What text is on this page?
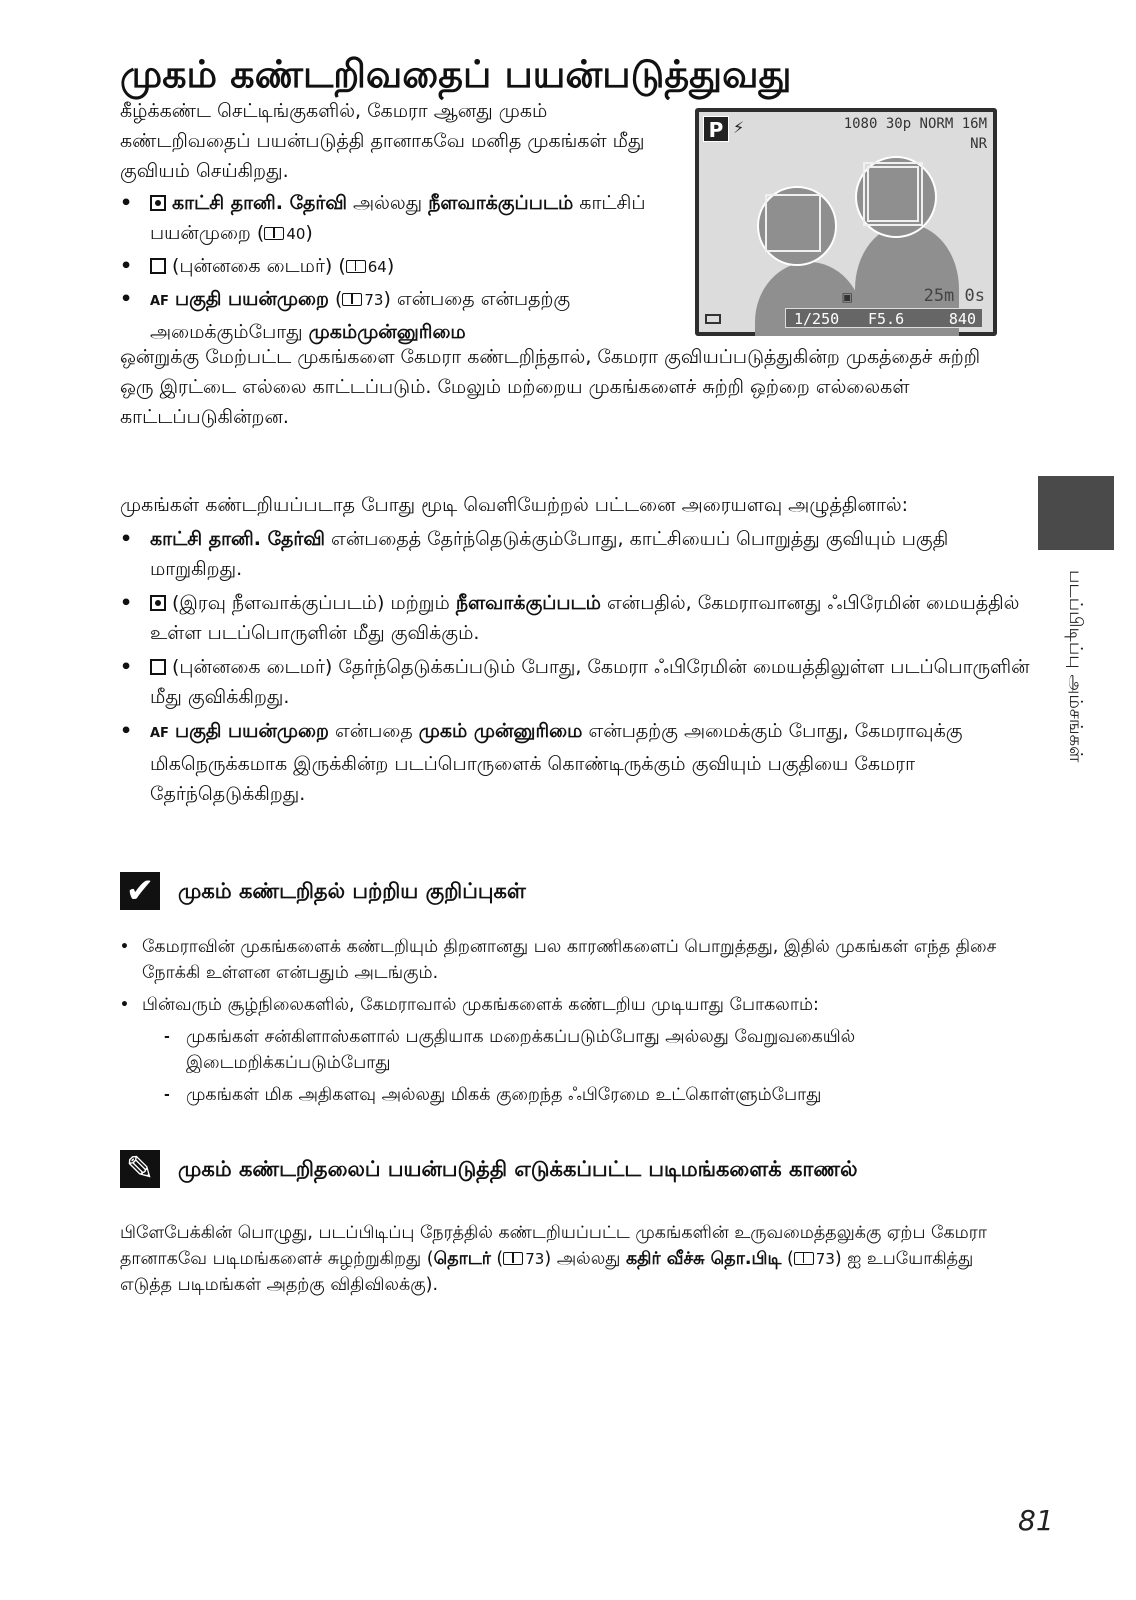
முகம் கண்டறிவதைப் பயன்படுத்துவது

கீழ்க்கண்ட செட்டிங்குகளில், கேமரா ஆனது முகம் கண்டறிவதைப் பயன்படுத்தி தானாகவே மனித முகங்கள் மீது குவியம் செய்கிறது.

• காட்சி தானி. தேர்வி அல்லது நீளவாக்குப்படம் காட்சிப் பயன்முறை ( 40)
• (புன்னகை டைமர்) ( 64)
• AF பகுதி பயன்முறை ( 73) என்பதை என்பதற்கு அமைக்கும்போது முகம்முன்னுரிமை
P ⚡	1080 30p NORM 16M
NR
▣	25m 0s
1/250 F5.6	840
ஒன்றுக்கு மேற்பட்ட முகங்களை கேமரா கண்டறிந்தால், கேமரா குவியப்படுத்துகின்ற முகத்தைச் சுற்றி ஒரு இரட்டை எல்லை காட்டப்படும். மேலும் மற்றைய முகங்களைச் சுற்றி ஒற்றை எல்லைகள் காட்டப்படுகின்றன.

முகங்கள் கண்டறியப்படாத போது மூடி வெளியேற்றல் பட்டனை அரையளவு அழுத்தினால்:

• காட்சி தானி. தேர்வி என்பதைத் தேர்ந்தெடுக்கும்போது, காட்சியைப் பொறுத்து குவியும் பகுதி மாறுகிறது.
• (இரவு நீளவாக்குப்படம்) மற்றும் நீளவாக்குப்படம் என்பதில், கேமராவானது ஃபிரேமின் மையத்தில் உள்ள படப்பொருளின் மீது குவிக்கும்.
• (புன்னகை டைமர்) தேர்ந்தெடுக்கப்படும் போது, கேமரா ஃபிரேமின் மையத்திலுள்ள படப்பொருளின் மீது குவிக்கிறது.
• AF பகுதி பயன்முறை என்பதை முகம் முன்னுரிமை என்பதற்கு அமைக்கும் போது, கேமராவுக்கு மிகநெருக்கமாக இருக்கின்ற படப்பொருளைக் கொண்டிருக்கும் குவியும் பகுதியை கேமரா தேர்ந்தெடுக்கிறது.
படப்பிடிப்பு அம்சங்கள்
✔ முகம் கண்டறிதல் பற்றிய குறிப்புகள்
• கேமராவின் முகங்களைக் கண்டறியும் திறனானது பல காரணிகளைப் பொறுத்தது, இதில் முகங்கள் எந்த திசை நோக்கி உள்ளன என்பதும் அடங்கும்.
• பின்வரும் சூழ்நிலைகளில், கேமராவால் முகங்களைக் கண்டறிய முடியாது போகலாம்:
- முகங்கள் சன்கிளாஸ்களால் பகுதியாக மறைக்கப்படும்போது அல்லது வேறுவகையில் இடைமறிக்கப்படும்போது
- முகங்கள் மிக அதிகளவு அல்லது மிகக் குறைந்த ஃபிரேமை உட்கொள்ளும்போது
✎ முகம் கண்டறிதலைப் பயன்படுத்தி எடுக்கப்பட்ட படிமங்களைக் காணல்

பிளேபேக்கின் பொழுது, படப்பிடிப்பு நேரத்தில் கண்டறியப்பட்ட முகங்களின் உருவமைத்தலுக்கு ஏற்ப கேமரா தானாகவே படிமங்களைச் சுழற்றுகிறது (தொடர் ( 73) அல்லது கதிர் வீச்சு தொ.பிடி ( 73) ஐ உபயோகித்து எடுத்த படிமங்கள் அதற்கு விதிவிலக்கு).

81
